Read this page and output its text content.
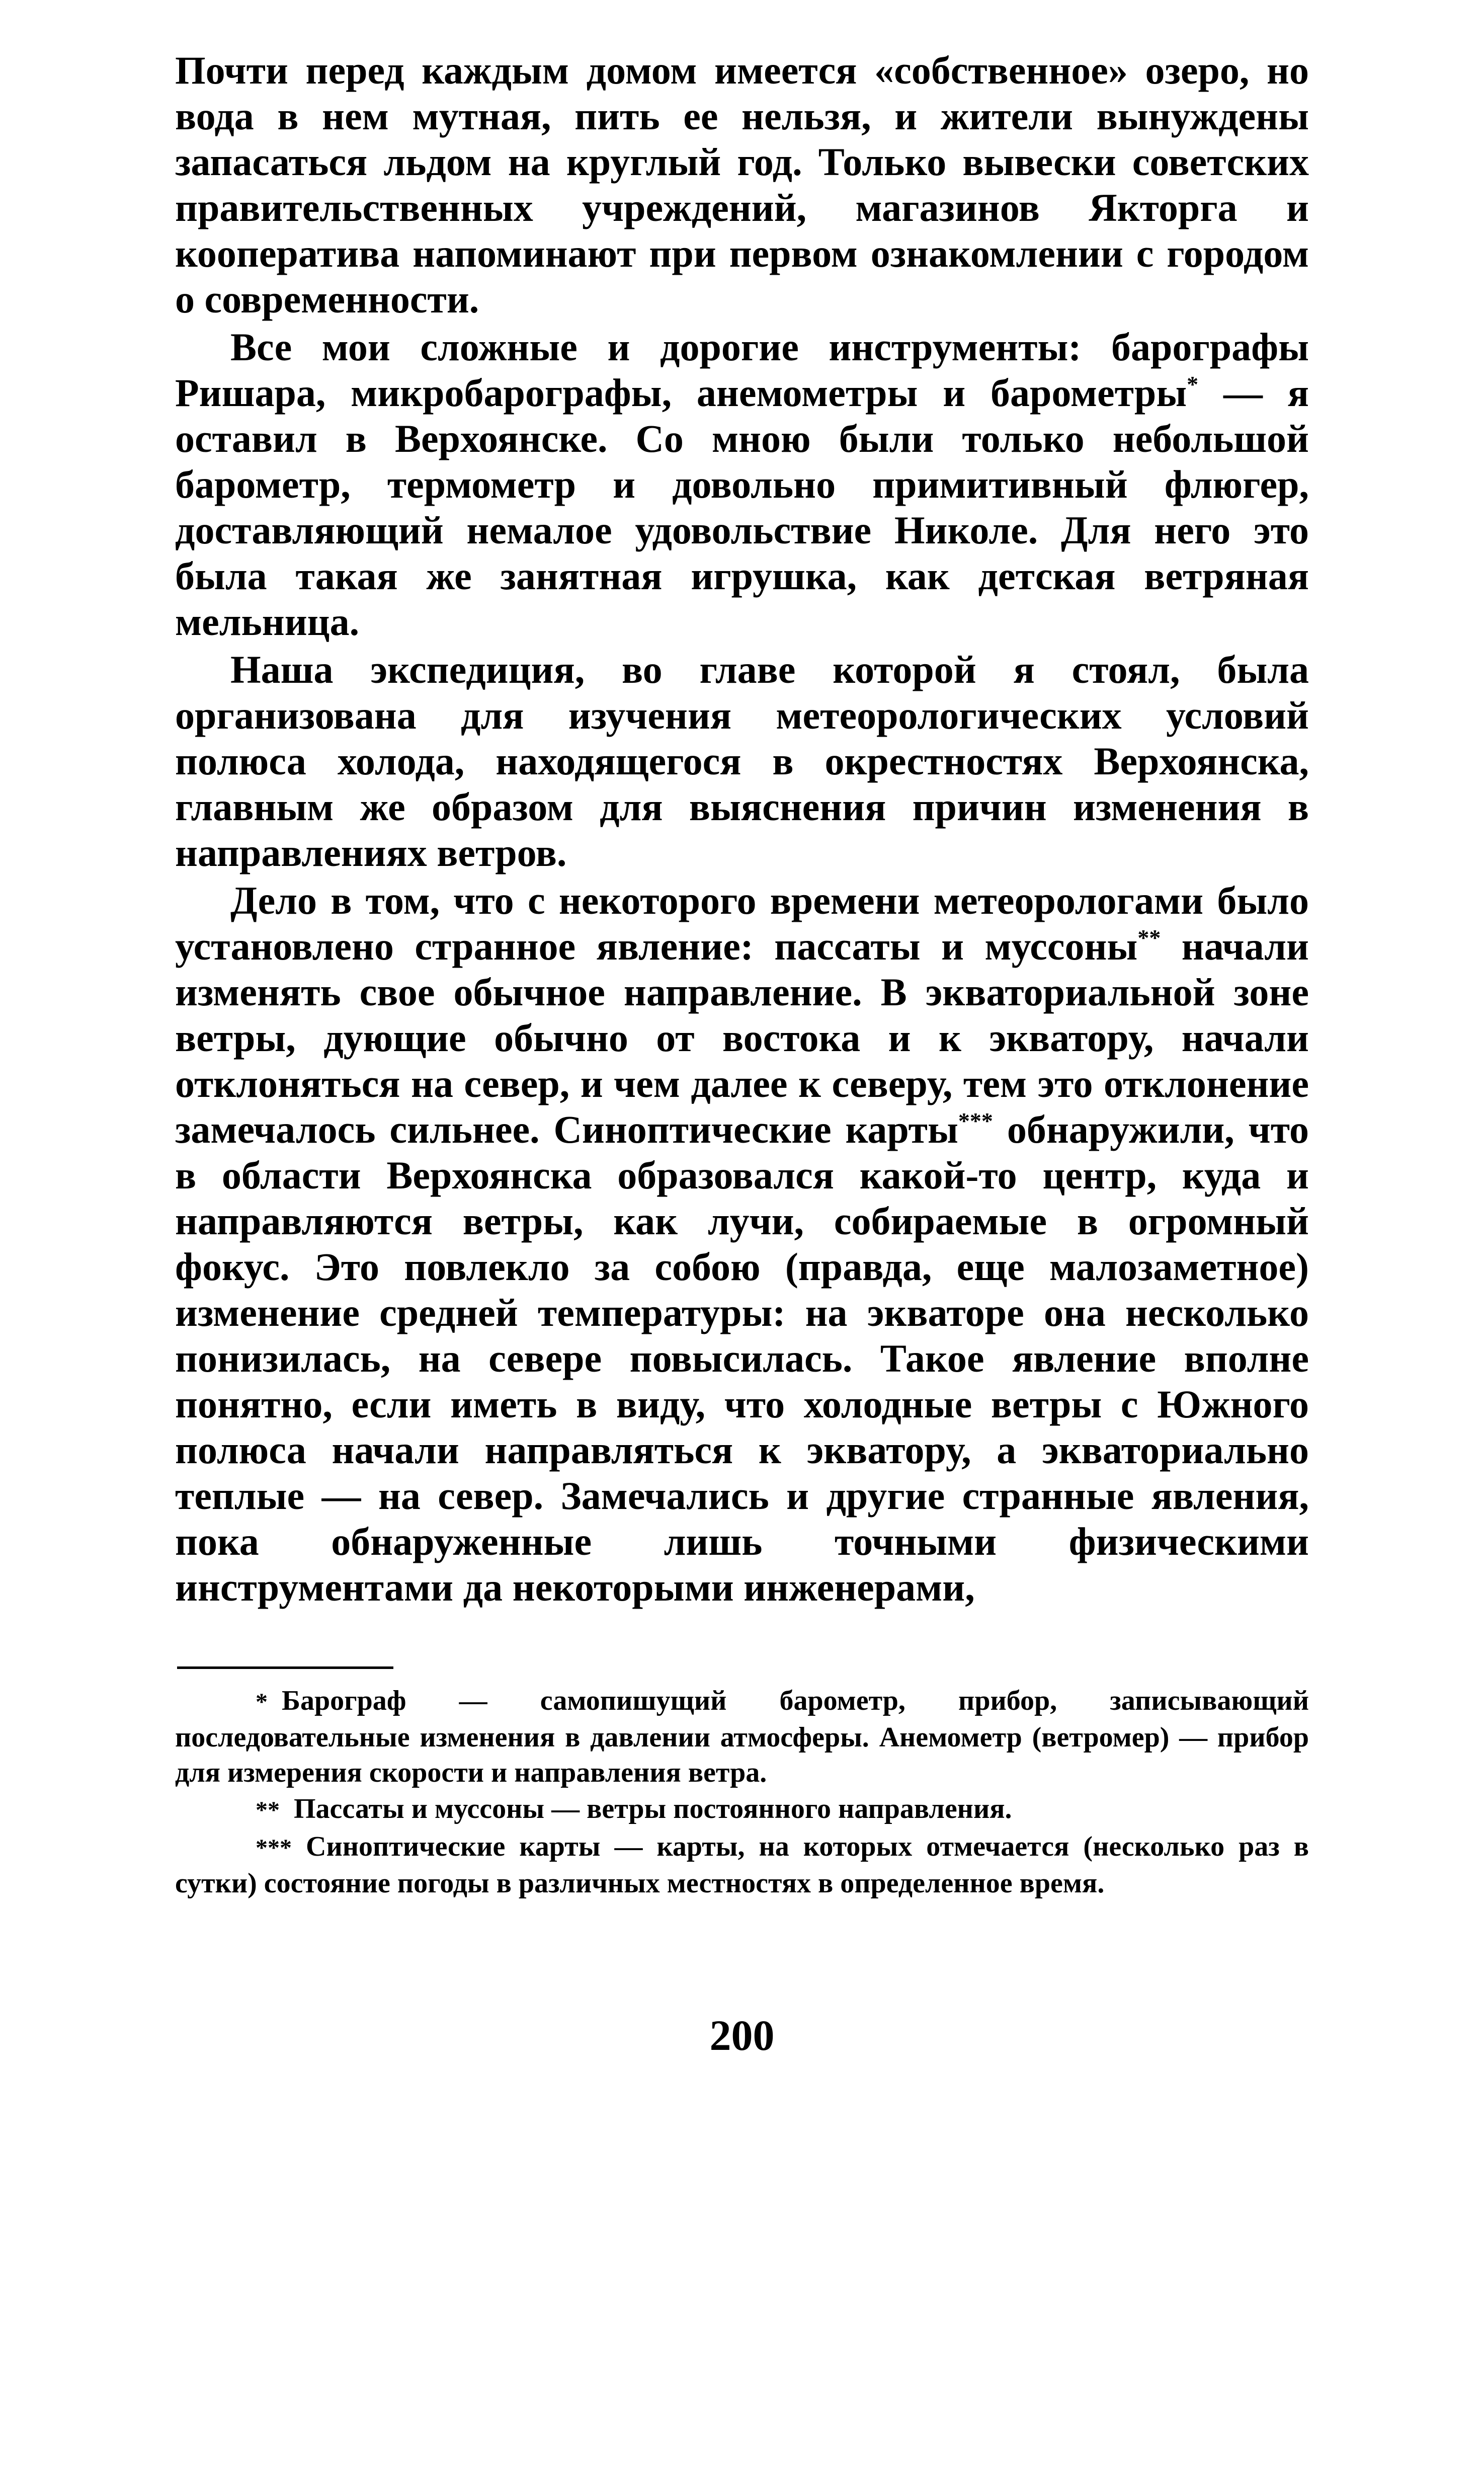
Почти перед каждым домом имеется «собственное» озеро, но вода в нем мутная, пить ее нельзя, и жители вынуждены запасаться льдом на круглый год. Только вывески советских правительственных учреждений, магазинов Якторга и кооператива напоминают при первом ознакомлении с городом о современности.

Все мои сложные и дорогие инструменты: барографы Ришара, микробарографы, анемометры и барометры* — я оставил в Верхоянске. Со мною были только небольшой барометр, термометр и довольно примитивный флюгер, доставляющий немалое удовольствие Николе. Для него это была такая же занятная игрушка, как детская ветряная мельница.

Наша экспедиция, во главе которой я стоял, была организована для изучения метеорологических условий полюса холода, находящегося в окрестностях Верхоянска, главным же образом для выяснения причин изменения в направлениях ветров.

Дело в том, что с некоторого времени метеорологами было установлено странное явление: пассаты и муссоны** начали изменять свое обычное направление. В экваториальной зоне ветры, дующие обычно от востока и к экватору, начали отклоняться на север, и чем далее к северу, тем это отклонение замечалось сильнее. Синоптические карты*** обнаружили, что в области Верхоянска образовался какой-то центр, куда и направляются ветры, как лучи, собираемые в огромный фокус. Это повлекло за собою (правда, еще малозаметное) изменение средней температуры: на экваторе она несколько понизилась, на севере повысилась. Такое явление вполне понятно, если иметь в виду, что холодные ветры с Южного полюса начали направляться к экватору, а экваториально теплые — на север. Замечались и другие странные явления, пока обнаруженные лишь точными физическими инструментами да некоторыми инженерами,

* Барограф — самопишущий барометр, прибор, записывающий последовательные изменения в давлении атмосферы. Анемометр (ветромер) — прибор для измерения скорости и направления ветра.

** Пассаты и муссоны — ветры постоянного направления.

*** Синоптические карты — карты, на которых отмечается (несколько раз в сутки) состояние погоды в различных местностях в определенное время.

200
